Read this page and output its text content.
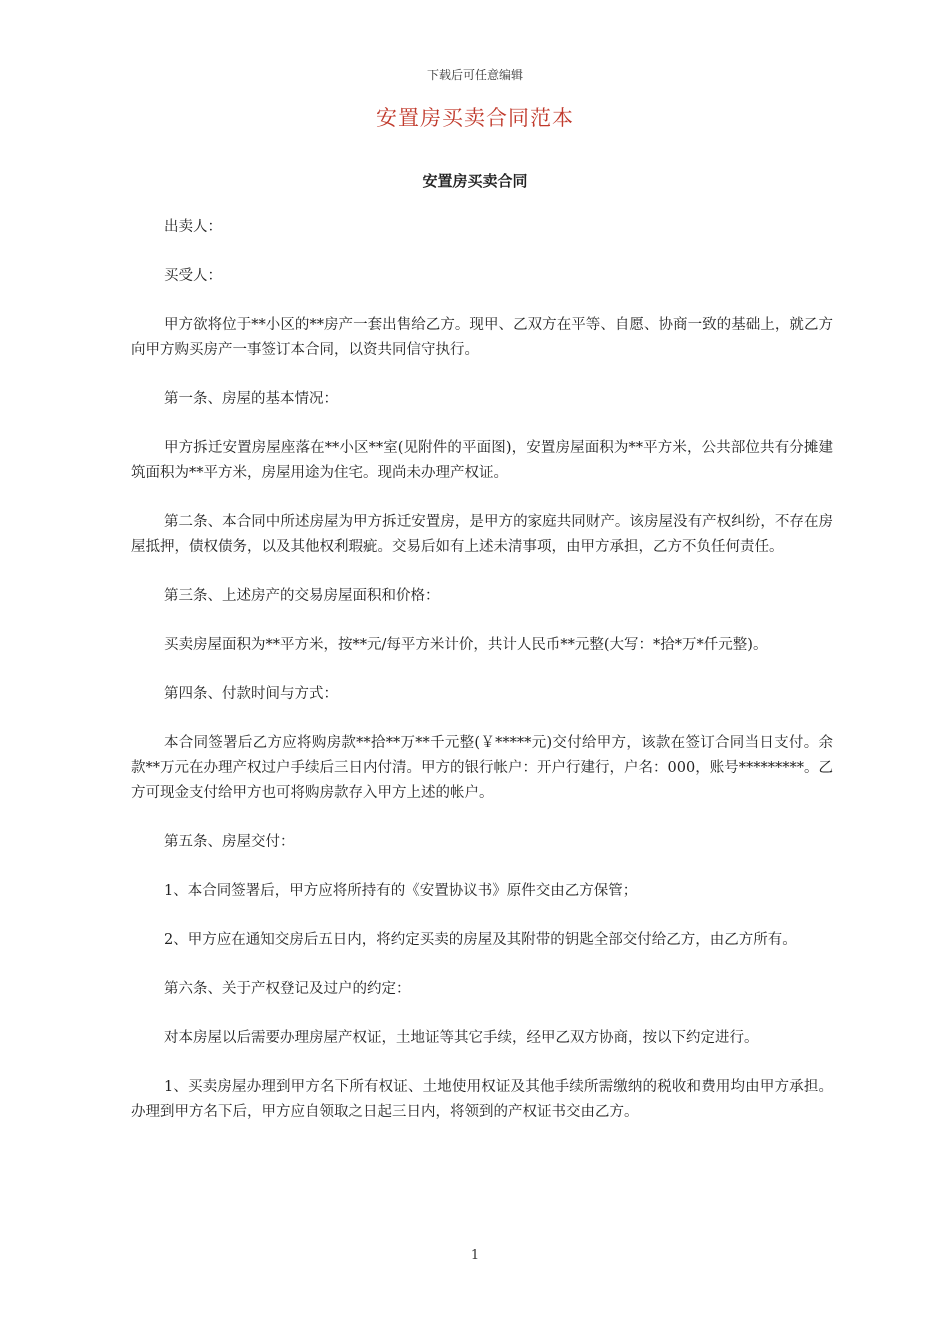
下载后可任意编辑
安置房买卖合同范本
安置房买卖合同

出卖人：

买受人：

甲方欲将位于**小区的**房产一套出售给乙方。现甲、乙双方在平等、自愿、协商一致的基础上，就乙方向甲方购买房产一事签订本合同，以资共同信守执行。

第一条、房屋的基本情况：

甲方拆迁安置房屋座落在**小区**室(见附件的平面图)，安置房屋面积为**平方米，公共部位共有分摊建筑面积为**平方米，房屋用途为住宅。现尚未办理产权证。

第二条、本合同中所述房屋为甲方拆迁安置房，是甲方的家庭共同财产。该房屋没有产权纠纷，不存在房屋抵押，债权债务，以及其他权利瑕疵。交易后如有上述未清事项，由甲方承担，乙方不负任何责任。

第三条、上述房产的交易房屋面积和价格：

买卖房屋面积为**平方米，按**元/每平方米计价，共计人民币**元整(大写：*拾*万*仟元整)。

第四条、付款时间与方式：

本合同签署后乙方应将购房款**拾**万**千元整(￥*****元)交付给甲方，该款在签订合同当日支付。余款**万元在办理产权过户手续后三日内付清。甲方的银行帐户：开户行建行，户名：000，账号*********。乙方可现金支付给甲方也可将购房款存入甲方上述的帐户。

第五条、房屋交付：

1、本合同签署后，甲方应将所持有的《安置协议书》原件交由乙方保管；

2、甲方应在通知交房后五日内，将约定买卖的房屋及其附带的钥匙全部交付给乙方，由乙方所有。

第六条、关于产权登记及过户的约定：

对本房屋以后需要办理房屋产权证，土地证等其它手续，经甲乙双方协商，按以下约定进行。

1、买卖房屋办理到甲方名下所有权证、土地使用权证及其他手续所需缴纳的税收和费用均由甲方承担。办理到甲方名下后，甲方应自领取之日起三日内，将领到的产权证书交由乙方。

1
